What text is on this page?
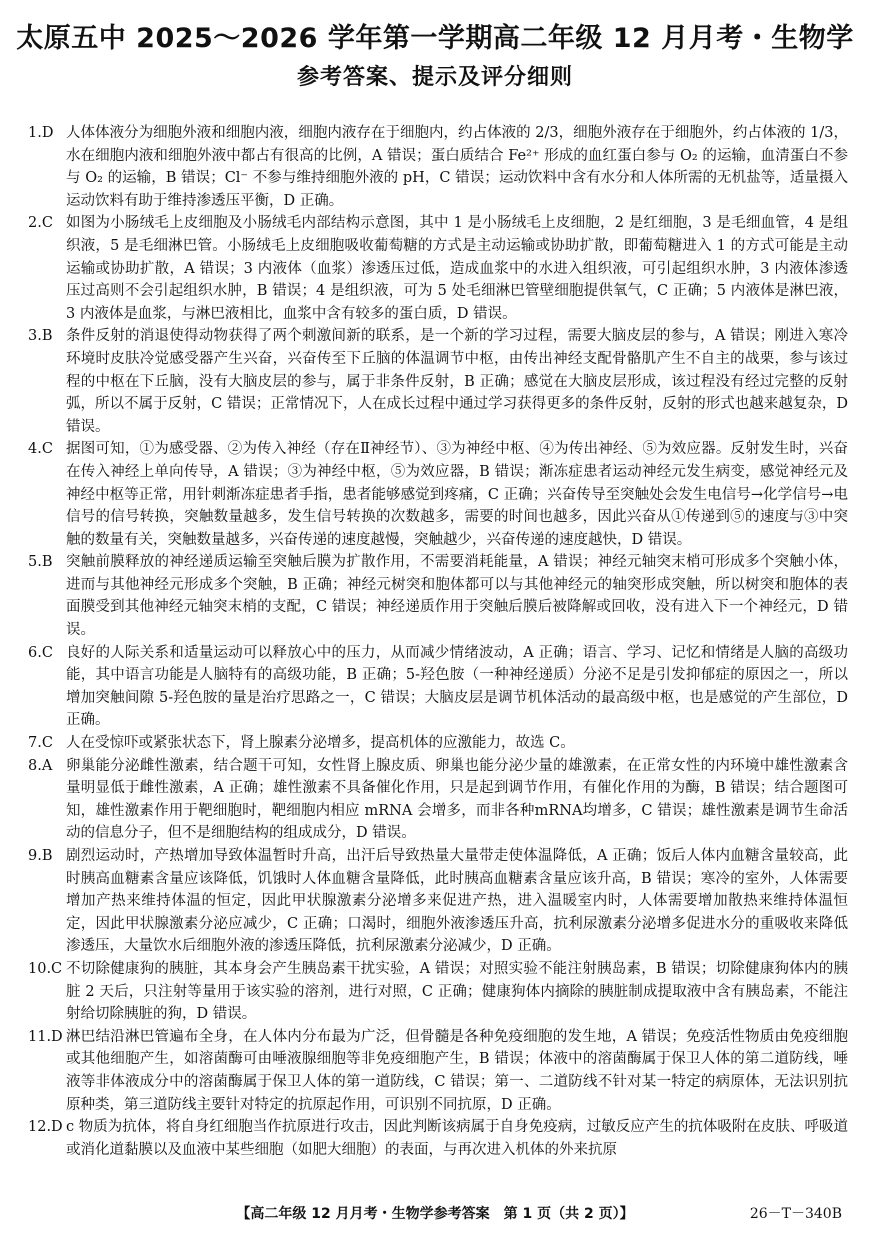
太原五中 2025～2026 学年第一学期高二年级 12 月月考・生物学
参考答案、提示及评分细则
1.D 人体体液分为细胞外液和细胞内液，细胞内液存在于细胞内，约占体液的 2/3，细胞外液存在于细胞外，约占体液的 1/3，水在细胞内液和细胞外液中都占有很高的比例，A 错误；蛋白质结合 Fe²⁺ 形成的血红蛋白参与 O₂ 的运输，血清蛋白不参与 O₂ 的运输，B 错误；Cl⁻ 不参与维持细胞外液的 pH，C 错误；运动饮料中含有水分和人体所需的无机盐等，适量摄入运动饮料有助于维持渗透压平衡，D 正确。
2.C 如图为小肠绒毛上皮细胞及小肠绒毛内部结构示意图，其中 1 是小肠绒毛上皮细胞，2 是红细胞，3 是毛细血管，4 是组织液，5 是毛细淋巴管。小肠绒毛上皮细胞吸收葡萄糖的方式是主动运输或协助扩散，即葡萄糖进入 1 的方式可能是主动运输或协助扩散，A 错误；3 内液体（血浆）渗透压过低，造成血浆中的水进入组织液，可引起组织水肿，3 内液体渗透压过高则不会引起组织水肿，B 错误；4 是组织液，可为 5 处毛细淋巴管壁细胞提供氧气，C 正确；5 内液体是淋巴液，3 内液体是血浆，与淋巴液相比，血浆中含有较多的蛋白质，D 错误。
3.B 条件反射的消退使得动物获得了两个刺激间新的联系，是一个新的学习过程，需要大脑皮层的参与，A 错误；刚进入寒冷环境时皮肤冷觉感受器产生兴奋，兴奋传至下丘脑的体温调节中枢，由传出神经支配骨骼肌产生不自主的战栗，参与该过程的中枢在下丘脑，没有大脑皮层的参与，属于非条件反射，B 正确；感觉在大脑皮层形成，该过程没有经过完整的反射弧，所以不属于反射，C 错误；正常情况下，人在成长过程中通过学习获得更多的条件反射，反射的形式也越来越复杂，D 错误。
4.C 据图可知，①为感受器、②为传入神经（存在Ⅱ神经节）、③为神经中枢、④为传出神经、⑤为效应器。反射发生时，兴奋在传入神经上单向传导，A 错误；③为神经中枢，⑤为效应器，B 错误；渐冻症患者运动神经元发生病变，感觉神经元及神经中枢等正常，用针刺渐冻症患者手指，患者能够感觉到疼痛，C 正确；兴奋传导至突触处会发生电信号→化学信号→电信号的信号转换，突触数量越多，发生信号转换的次数越多，需要的时间也越多，因此兴奋从①传递到⑤的速度与③中突触的数量有关，突触数量越多，兴奋传递的速度越慢，突触越少，兴奋传递的速度越快，D 错误。
5.B 突触前膜释放的神经递质运输至突触后膜为扩散作用，不需要消耗能量，A 错误；神经元轴突末梢可形成多个突触小体，进而与其他神经元形成多个突触，B 正确；神经元树突和胞体都可以与其他神经元的轴突形成突触，所以树突和胞体的表面膜受到其他神经元轴突末梢的支配，C 错误；神经递质作用于突触后膜后被降解或回收，没有进入下一个神经元，D 错误。
6.C 良好的人际关系和适量运动可以释放心中的压力，从而减少情绪波动，A 正确；语言、学习、记忆和情绪是人脑的高级功能，其中语言功能是人脑特有的高级功能，B 正确；5-羟色胺（一种神经递质）分泌不足是引发抑郁症的原因之一，所以增加突触间隙 5-羟色胺的量是治疗思路之一，C 错误；大脑皮层是调节机体活动的最高级中枢，也是感觉的产生部位，D 正确。
7.C 人在受惊吓或紧张状态下，肾上腺素分泌增多，提高机体的应激能力，故选 C。
8.A 卵巢能分泌雌性激素，结合题干可知，女性肾上腺皮质、卵巢也能分泌少量的雄激素，在正常女性的内环境中雄性激素含量明显低于雌性激素，A 正确；雄性激素不具备催化作用，只是起到调节作用，有催化作用的为酶，B 错误；结合题图可知，雄性激素作用于靶细胞时，靶细胞内相应 mRNA 会增多，而非各种mRNA均增多，C 错误；雄性激素是调节生命活动的信息分子，但不是细胞结构的组成成分，D 错误。
9.B 剧烈运动时，产热增加导致体温暂时升高，出汗后导致热量大量带走使体温降低，A 正确；饭后人体内血糖含量较高，此时胰高血糖素含量应该降低，饥饿时人体血糖含量降低，此时胰高血糖素含量应该升高，B 错误；寒冷的室外，人体需要增加产热来维持体温的恒定，因此甲状腺激素分泌增多来促进产热，进入温暖室内时，人体需要增加散热来维持体温恒定，因此甲状腺激素分泌应减少，C 正确；口渴时，细胞外液渗透压升高，抗利尿激素分泌增多促进水分的重吸收来降低渗透压，大量饮水后细胞外液的渗透压降低，抗利尿激素分泌减少，D 正确。
10.C 不切除健康狗的胰脏，其本身会产生胰岛素干扰实验，A 错误；对照实验不能注射胰岛素，B 错误；切除健康狗体内的胰脏 2 天后，只注射等量用于该实验的溶剂，进行对照，C 正确；健康狗体内摘除的胰脏制成提取液中含有胰岛素，不能注射给切除胰脏的狗，D 错误。
11.D 淋巴结沿淋巴管遍布全身，在人体内分布最为广泛，但骨髓是各种免疫细胞的发生地，A 错误；免疫活性物质由免疫细胞或其他细胞产生，如溶菌酶可由唾液腺细胞等非免疫细胞产生，B 错误；体液中的溶菌酶属于保卫人体的第二道防线，唾液等非体液成分中的溶菌酶属于保卫人体的第一道防线，C 错误；第一、二道防线不针对某一特定的病原体，无法识别抗原种类，第三道防线主要针对特定的抗原起作用，可识别不同抗原，D 正确。
12.D c 物质为抗体，将自身红细胞当作抗原进行攻击，因此判断该病属于自身免疫病，过敏反应产生的抗体吸附在皮肤、呼吸道或消化道黏膜以及血液中某些细胞（如肥大细胞）的表面，与再次进入机体的外来抗原
【高二年级 12 月月考・生物学参考答案　第 1 页（共 2 页）】	26－T－340B
